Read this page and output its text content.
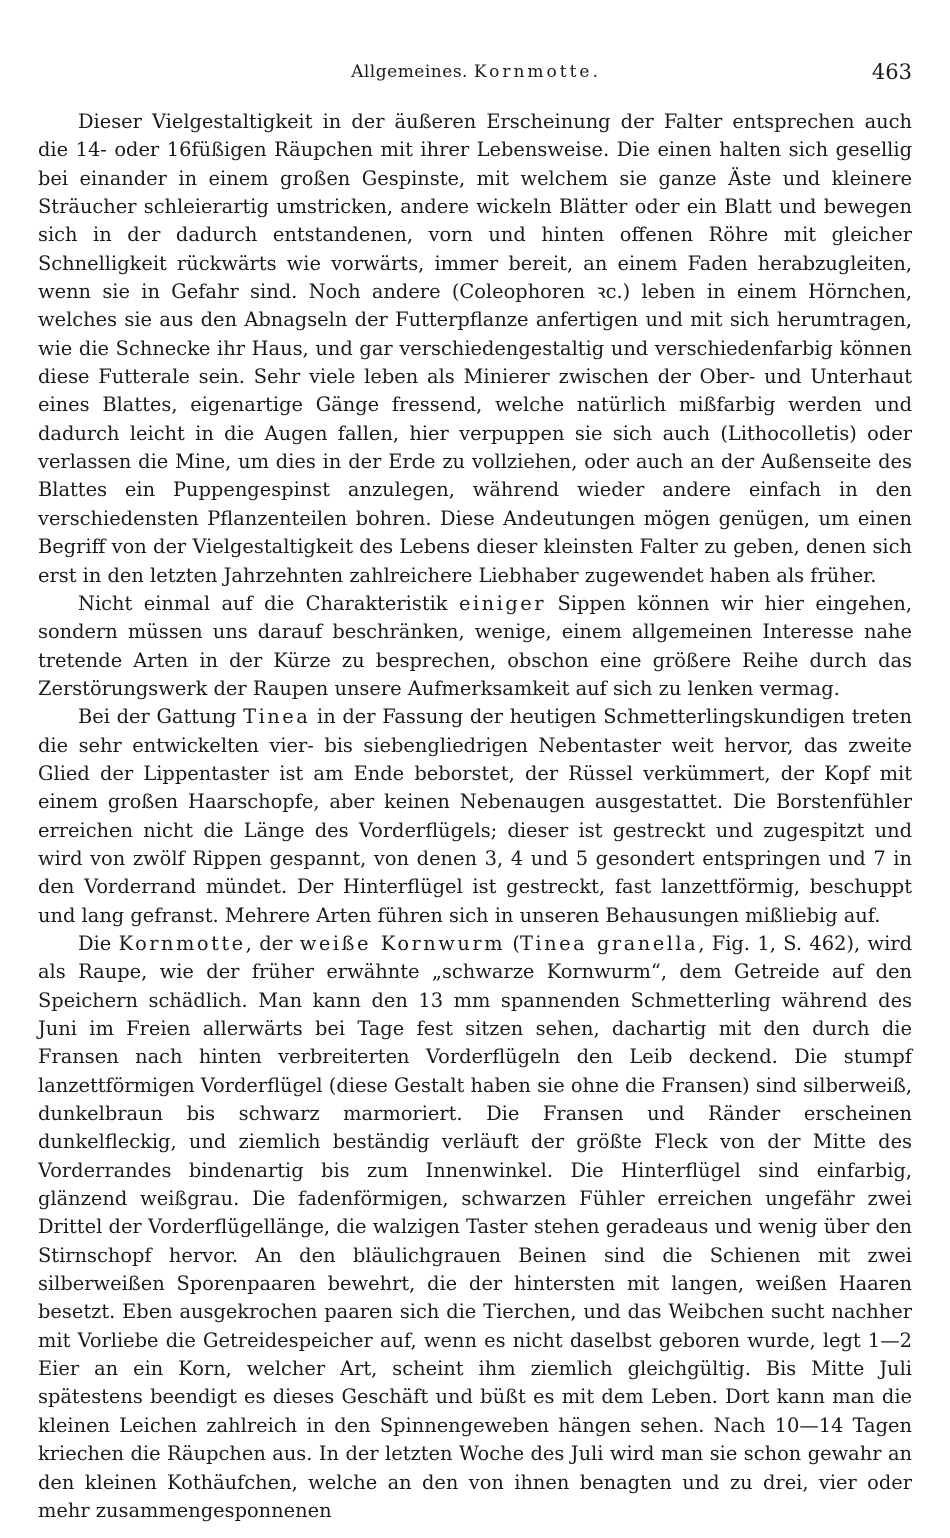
Allgemeines. Kornmotte.	463

Dieser Vielgestaltigkeit in der äußeren Erscheinung der Falter entsprechen auch die 14- oder 16füßigen Räupchen mit ihrer Lebensweise. Die einen halten sich gesellig bei einander in einem großen Gespinste, mit welchem sie ganze Äste und kleinere Sträucher schleierartig umstricken, andere wickeln Blätter oder ein Blatt und bewegen sich in der dadurch entstandenen, vorn und hinten offenen Röhre mit gleicher Schnelligkeit rückwärts wie vorwärts, immer bereit, an einem Faden herabzugleiten, wenn sie in Gefahr sind. Noch andere (Coleophoren ꝛc.) leben in einem Hörnchen, welches sie aus den Abnagseln der Futterpflanze anfertigen und mit sich herumtragen, wie die Schnecke ihr Haus, und gar verschiedengestaltig und verschiedenfarbig können diese Futterale sein. Sehr viele leben als Minierer zwischen der Ober- und Unterhaut eines Blattes, eigenartige Gänge fressend, welche natürlich mißfarbig werden und dadurch leicht in die Augen fallen, hier verpuppen sie sich auch (Lithocolletis) oder verlassen die Mine, um dies in der Erde zu vollziehen, oder auch an der Außenseite des Blattes ein Puppengespinst anzulegen, während wieder andere einfach in den verschiedensten Pflanzenteilen bohren. Diese Andeutungen mögen genügen, um einen Begriff von der Vielgestaltigkeit des Lebens dieser kleinsten Falter zu geben, denen sich erst in den letzten Jahrzehnten zahlreichere Liebhaber zugewendet haben als früher.

Nicht einmal auf die Charakteristik einiger Sippen können wir hier eingehen, sondern müssen uns darauf beschränken, wenige, einem allgemeinen Interesse nahe tretende Arten in der Kürze zu besprechen, obschon eine größere Reihe durch das Zerstörungswerk der Raupen unsere Aufmerksamkeit auf sich zu lenken vermag.

Bei der Gattung Tinea in der Fassung der heutigen Schmetterlingskundigen treten die sehr entwickelten vier- bis siebengliedrigen Nebentaster weit hervor, das zweite Glied der Lippentaster ist am Ende beborstet, der Rüssel verkümmert, der Kopf mit einem großen Haarschopfe, aber keinen Nebenaugen ausgestattet. Die Borstenfühler erreichen nicht die Länge des Vorderflügels; dieser ist gestreckt und zugespitzt und wird von zwölf Rippen gespannt, von denen 3, 4 und 5 gesondert entspringen und 7 in den Vorderrand mündet. Der Hinterflügel ist gestreckt, fast lanzettförmig, beschuppt und lang gefranst. Mehrere Arten führen sich in unseren Behausungen mißliebig auf.

Die Kornmotte, der weiße Kornwurm (Tinea granella, Fig. 1, S. 462), wird als Raupe, wie der früher erwähnte „schwarze Kornwurm“, dem Getreide auf den Speichern schädlich. Man kann den 13 mm spannenden Schmetterling während des Juni im Freien allerwärts bei Tage fest sitzen sehen, dachartig mit den durch die Fransen nach hinten verbreiterten Vorderflügeln den Leib deckend. Die stumpf lanzettförmigen Vorderflügel (diese Gestalt haben sie ohne die Fransen) sind silberweiß, dunkelbraun bis schwarz marmoriert. Die Fransen und Ränder erscheinen dunkelfleckig, und ziemlich beständig verläuft der größte Fleck von der Mitte des Vorderrandes bindenartig bis zum Innenwinkel. Die Hinterflügel sind einfarbig, glänzend weißgrau. Die fadenförmigen, schwarzen Fühler erreichen ungefähr zwei Drittel der Vorderflügellänge, die walzigen Taster stehen geradeaus und wenig über den Stirnschopf hervor. An den bläulichgrauen Beinen sind die Schienen mit zwei silberweißen Sporenpaaren bewehrt, die der hintersten mit langen, weißen Haaren besetzt. Eben ausgekrochen paaren sich die Tierchen, und das Weibchen sucht nachher mit Vorliebe die Getreidespeicher auf, wenn es nicht daselbst geboren wurde, legt 1—2 Eier an ein Korn, welcher Art, scheint ihm ziemlich gleichgültig. Bis Mitte Juli spätestens beendigt es dieses Geschäft und büßt es mit dem Leben. Dort kann man die kleinen Leichen zahlreich in den Spinnengeweben hängen sehen. Nach 10—14 Tagen kriechen die Räupchen aus. In der letzten Woche des Juli wird man sie schon gewahr an den kleinen Kothäufchen, welche an den von ihnen benagten und zu drei, vier oder mehr zusammengesponnenen
